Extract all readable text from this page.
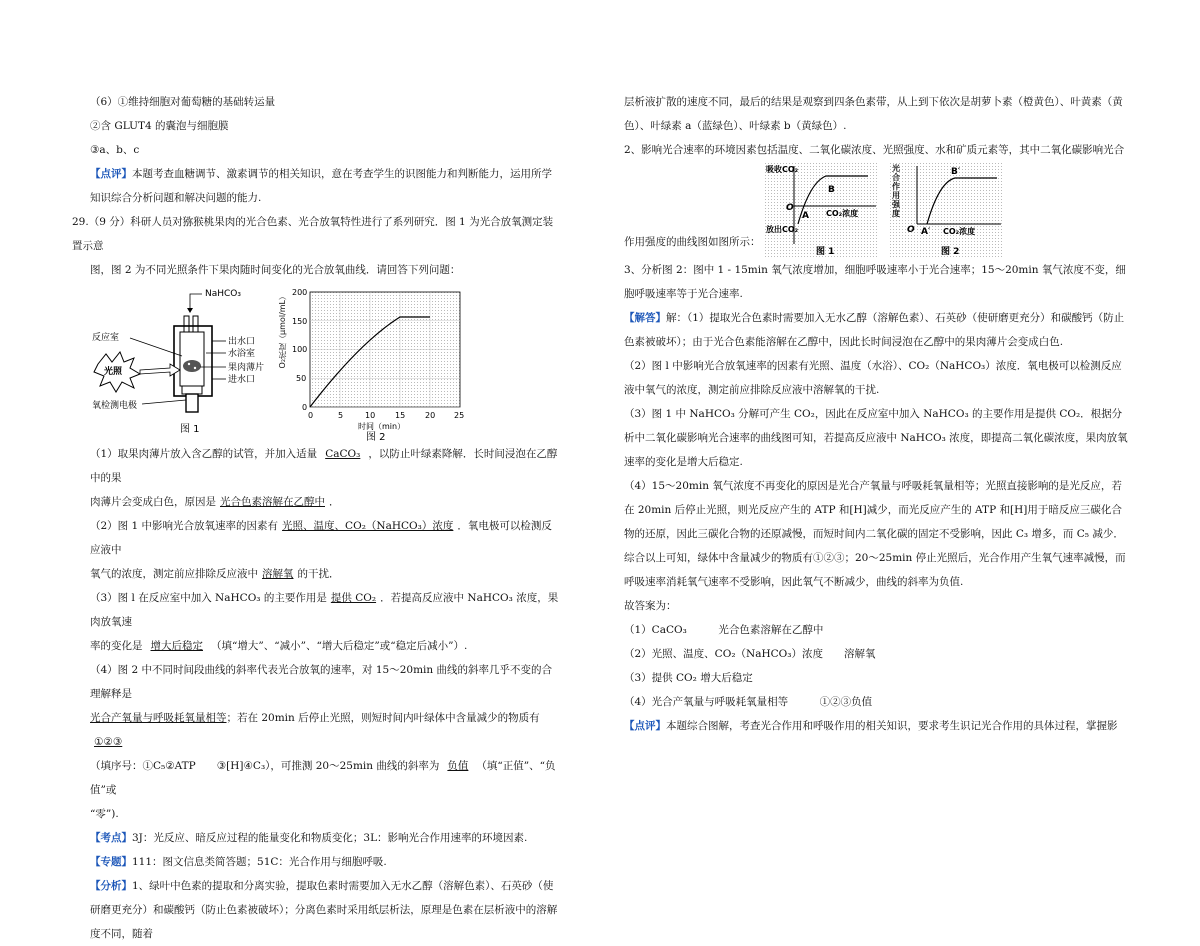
（6）①维持细胞对葡萄糖的基础转运量

②含 GLUT4 的囊泡与细胞膜

③a、b、c

【点评】本题考查血糖调节、激素调节的相关知识，意在考查学生的识图能力和判断能力，运用所学知识综合分析问题和解决问题的能力.

29.（9 分）科研人员对猕猴桃果肉的光合色素、光合放氧特性进行了系列研究．图 1 为光合放氧测定装置示意

图，图 2 为不同光照条件下果肉随时间变化的光合放氧曲线．请回答下列问题：

NaHCO₃
出水口
水浴室
果肉薄片
进水口
反应室
光照
氧检测电极
图 1
0
50
100
150
200
0	5	10 15 20 25
时间（min）
图 2
O₂浓度（μmol/mL）

（1）取果肉薄片放入含乙醇的试管，并加入适量 CaCO₃ ，以防止叶绿素降解．长时间浸泡在乙醇中的果

肉薄片会变成白色，原因是 光合色素溶解在乙醇中 ．

（2）图 1 中影响光合放氧速率的因素有 光照、温度、CO₂（NaHCO₃）浓度 ．氧电极可以检测反应液中

氧气的浓度，测定前应排除反应液中 溶解氧 的干扰．

（3）图 l 在反应室中加入 NaHCO₃ 的主要作用是 提供 CO₂ ．若提高反应液中 NaHCO₃ 浓度，果肉放氧速

率的变化是 增大后稳定 （填“增大”、“减小”、“增大后稳定”或“稳定后减小”）.

（4）图 2 中不同时间段曲线的斜率代表光合放氧的速率，对 15～20min 曲线的斜率几乎不变的合理解释是

光合产氧量与呼吸耗氧量相等；若在 20min 后停止光照，则短时间内叶绿体中含量减少的物质有①②③

（填序号：①C₅②ATP　　③[H]④C₃），可推测 20～25min 曲线的斜率为 负值 （填“正值”、“负值”或

“零”).

【考点】3J：光反应、暗反应过程的能量变化和物质变化；3L：影响光合作用速率的环境因素.

【专题】111：图文信息类简答题；51C：光合作用与细胞呼吸.

【分析】1、绿叶中色素的提取和分离实验，提取色素时需要加入无水乙醇（溶解色素）、石英砂（使研磨更充分）和碳酸钙（防止色素被破坏）；分离色素时采用纸层析法，原理是色素在层析液中的溶解度不同，随着

层析液扩散的速度不同，最后的结果是观察到四条色素带，从上到下依次是胡萝卜素（橙黄色）、叶黄素（黄色）、叶绿素 a（蓝绿色）、叶绿素 b（黄绿色）.

2、影响光合速率的环境因素包括温度、二氧化碳浓度、光照强度、水和矿质元素等，其中二氧化碳影响光合

作用强度的曲线图如图所示：
吸收CO₂
O
A
B
CO₂浓度
放出CO₂
图 1
O A′
B′
CO₂浓度
图 2
光合作用强度

3、分析图 2：图中 1 - 15min 氧气浓度增加，细胞呼吸速率小于光合速率；15～20min 氧气浓度不变，细胞呼吸速率等于光合速率.

【解答】解：（1）提取光合色素时需要加入无水乙醇（溶解色素）、石英砂（使研磨更充分）和碳酸钙（防止色素被破坏）；由于光合色素能溶解在乙醇中，因此长时间浸泡在乙醇中的果肉薄片会变成白色.

（2）图 l 中影响光合放氧速率的因素有光照、温度（水浴）、CO₂（NaHCO₃）浓度．氧电极可以检测反应液中氧气的浓度，测定前应排除反应液中溶解氧的干扰.

（3）图 1 中 NaHCO₃ 分解可产生 CO₂，因此在反应室中加入 NaHCO₃ 的主要作用是提供 CO₂．根据分析中二氧化碳影响光合速率的曲线图可知，若提高反应液中 NaHCO₃ 浓度，即提高二氧化碳浓度，果肉放氧速率的变化是增大后稳定.

（4）15～20min 氧气浓度不再变化的原因是光合产氧量与呼吸耗氧量相等；光照直接影响的是光反应，若在 20min 后停止光照，则光反应产生的 ATP 和[H]减少，而光反应产生的 ATP 和[H]用于暗反应三碳化合物的还原，因此三碳化合物的还原减慢，而短时间内二氧化碳的固定不受影响，因此 C₃ 增多，而 C₅ 减少．综合以上可知，绿体中含量减少的物质有①②③；20～25min 停止光照后，光合作用产生氧气速率减慢，而呼吸速率消耗氧气速率不受影响，因此氧气不断减少，曲线的斜率为负值.

故答案为：

（1）CaCO₃　　　光合色素溶解在乙醇中

（2）光照、温度、CO₂（NaHCO₃）浓度　　溶解氧

（3）提供 CO₂ 增大后稳定

（4）光合产氧量与呼吸耗氧量相等　　　①②③负值

【点评】本题综合图解，考查光合作用和呼吸作用的相关知识，要求考生识记光合作用的具体过程，掌握影
